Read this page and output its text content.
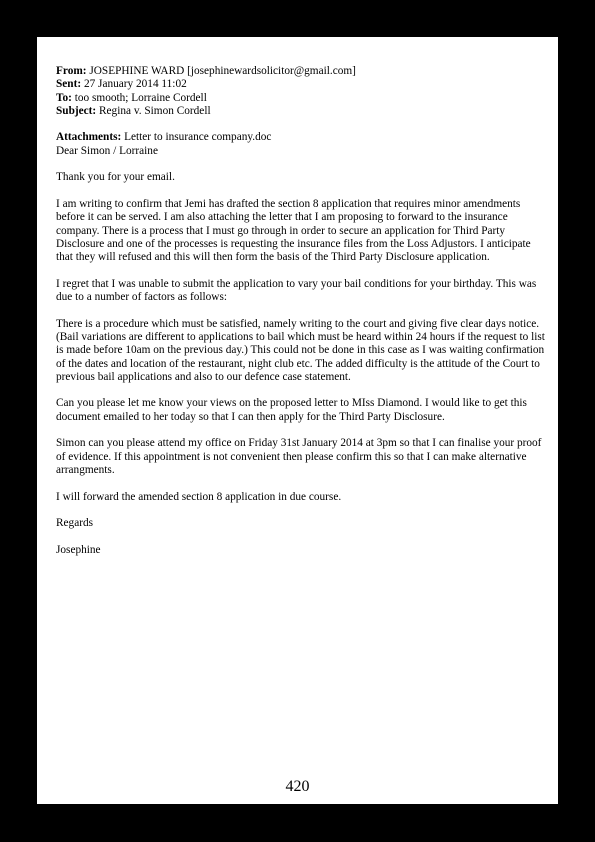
From: JOSEPHINE WARD [josephinewardsolicitor@gmail.com]
Sent: 27 January 2014 11:02
To: too smooth; Lorraine Cordell
Subject: Regina v. Simon Cordell
Attachments: Letter to insurance company.doc
Dear Simon / Lorraine

Thank you for your email.

I am writing to confirm that Jemi has drafted the section 8 application that requires minor amendments before it can be served. I am also attaching the letter that I am proposing to forward to the insurance company. There is a process that I must go through in order to secure an application for Third Party Disclosure and one of the processes is requesting the insurance files from the Loss Adjustors. I anticipate that they will refused and this will then form the basis of the Third Party Disclosure application.

I regret that I was unable to submit the application to vary your bail conditions for your birthday. This was due to a number of factors as follows:

There is a procedure which must be satisfied, namely writing to the court and giving five clear days notice. (Bail variations are different to applications to bail which must be heard within 24 hours if the request to list is made before 10am on the previous day.) This could not be done in this case as I was waiting confirmation of the dates and location of the restaurant, night club etc. The added difficulty is the attitude of the Court to previous bail applications and also to our defence case statement.

Can you please let me know your views on the proposed letter to MIss Diamond. I would like to get this document emailed to her today so that I can then apply for the Third Party Disclosure.

Simon can you please attend my office on Friday 31st January 2014 at 3pm so that I can finalise your proof of evidence. If this appointment is not convenient then please confirm this so that I can make alternative arrangments.

I will forward the amended section 8 application in due course.

Regards

Josephine

420
